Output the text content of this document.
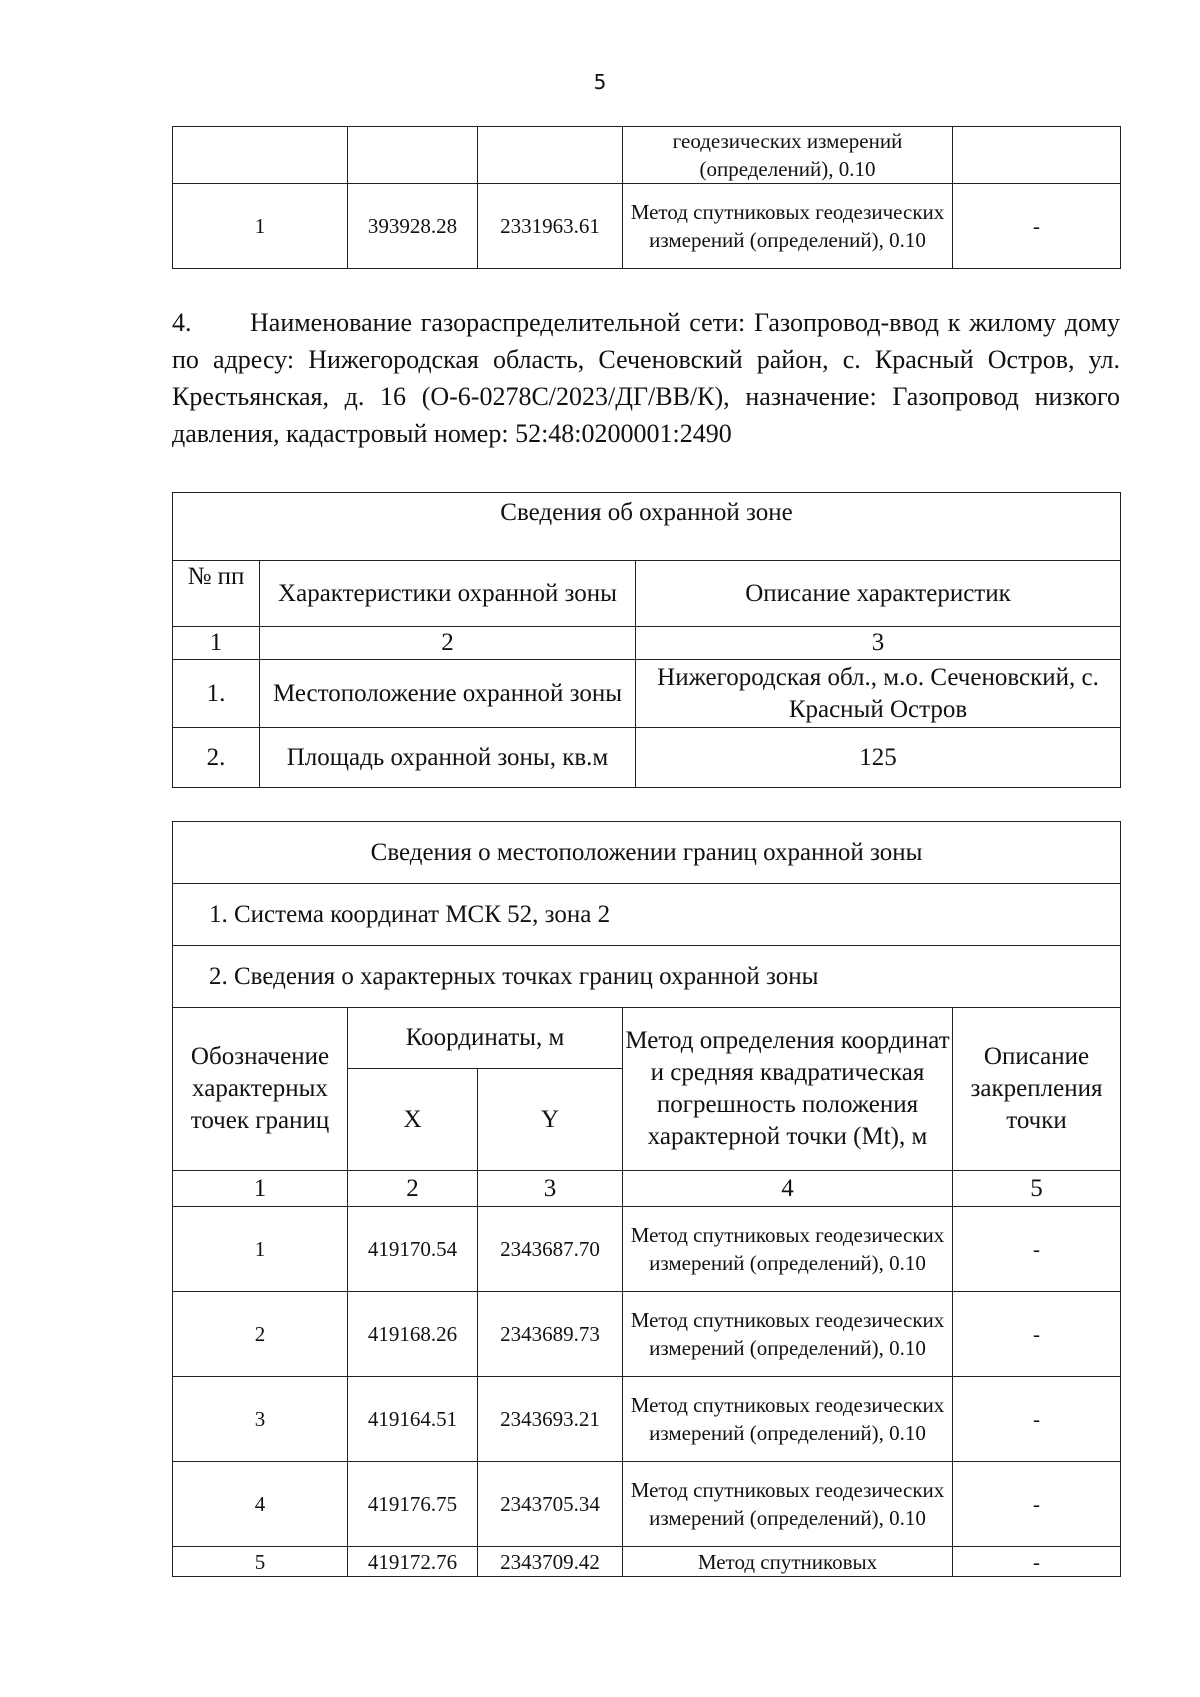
5
			геодезических измерений (определений), 0.10	
1	393928.28	2331963.61	Метод спутниковых геодезических измерений (определений), 0.10	-
4. Наименование газораспределительной сети: Газопровод-ввод к жилому дому по адресу: Нижегородская область, Сеченовский район, с. Красный Остров, ул. Крестьянская, д. 16 (О-6-0278С/2023/ДГ/ВВ/К), назначение: Газопровод низкого давления, кадастровый номер: 52:48:0200001:2490
Сведения об охранной зоне		
№ пп	Характеристики охранной зоны	Описание характеристик
1	2	3
1.	Местоположение охранной зоны	Нижегородская обл., м.о. Сеченовский, с. Красный Остров
2.	Площадь охранной зоны, кв.м	125
Сведения о местоположении границ охранной зоны				
1. Система координат МСК 52, зона 2				
2. Сведения о характерных точках границ охранной зоны				
Обозначение характерных точек границ	Координаты, м		Метод определения координат и средняя квадратическая погрешность положения характерной точки (Mt), м	Описание закрепления точки
	X	Y		
1	2	3	4	5
1	419170.54	2343687.70	Метод спутниковых геодезических измерений (определений), 0.10	-
2	419168.26	2343689.73	Метод спутниковых геодезических измерений (определений), 0.10	-
3	419164.51	2343693.21	Метод спутниковых геодезических измерений (определений), 0.10	-
4	419176.75	2343705.34	Метод спутниковых геодезических измерений (определений), 0.10	-
5	419172.76	2343709.42	Метод спутниковых	-
